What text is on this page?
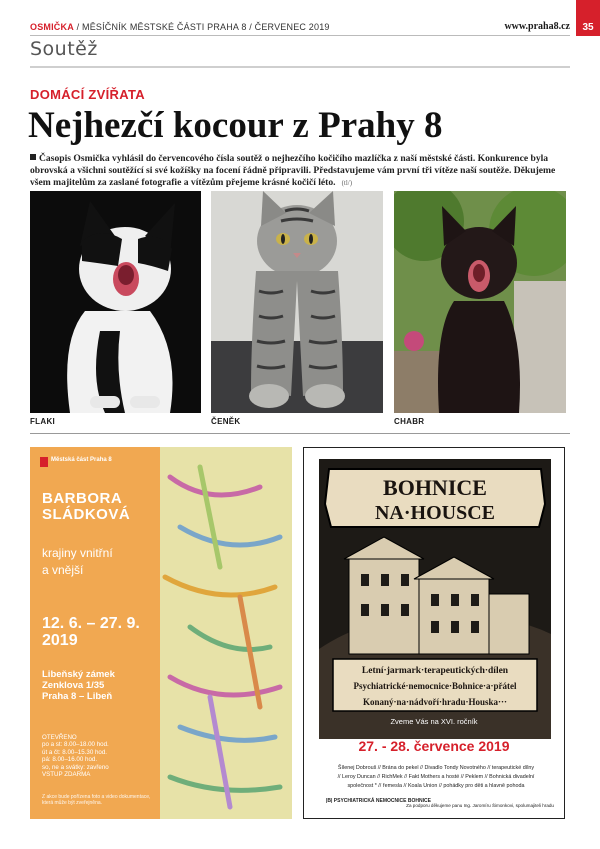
OSMIČKA / MĚSÍČNÍK MĚSTSKÉ ČÁSTI PRAHA 8 / ČERVENEC 2019	www.praha8.cz	35
Soutěž
DOMÁCÍ ZVÍŘATA
Nejhezčí kocour z Prahy 8
Časopis Osmička vyhlásil do červencového čísla soutěž o nejhezčího kočičího mazlíčka z naší městské části. Konkurence byla obrovská a všichni soutěžící si své kožíšky na focení řádně připravili. Představujeme vám první tři vítěze naší soutěže. Děkujeme všem majitelům za zaslané fotografie a vítězům přejeme krásné kočičí léto. (tl/)
FLAKI	ČENĚK	CHABR
Městská část Praha 8
BARBORA
SLÁDKOVÁ
krajiny vnitřní
a vnější
12. 6. – 27. 9.
2019
Libeňský zámek
Zenklova 1/35
Praha 8 – Libeň
OTEVŘENO
po a st: 8.00–18.00 hod.
út a čt: 8.00–15.30 hod.
pá: 8.00–16.00 hod.
so, ne a svátky: zavřeno
VSTUP ZDARMA
Z akce bude pořízena foto a video dokumentace, která může být zveřejněna.
BOHNICE
NA·HOUSCE
Letní·jarmark·terapeutických·dílen
Psychiatrické·nemocnice·Bohnice·a·přátel
Konaný·na·nádvoří·hradu·Houska···
Zveme Vás na XVI. ročník
27. - 28. července 2019
Šílenej Dobrouš // Brána do pekel // Divadlo Tondy Novotného // terapeutické dílny
// Leroy Duncan // RichMek // Fakt Mothers a hosté // Peklem // Bohnická divadelní
společnost * // řemesla // Koala Union // pohádky pro děti a hlavně pohoda
|B| PSYCHIATRICKÁ NEMOCNICE BOHNICE
Za podporu děkujeme panu Ing. Jaromíru Šimonkovi, spolumajiteli hradu
